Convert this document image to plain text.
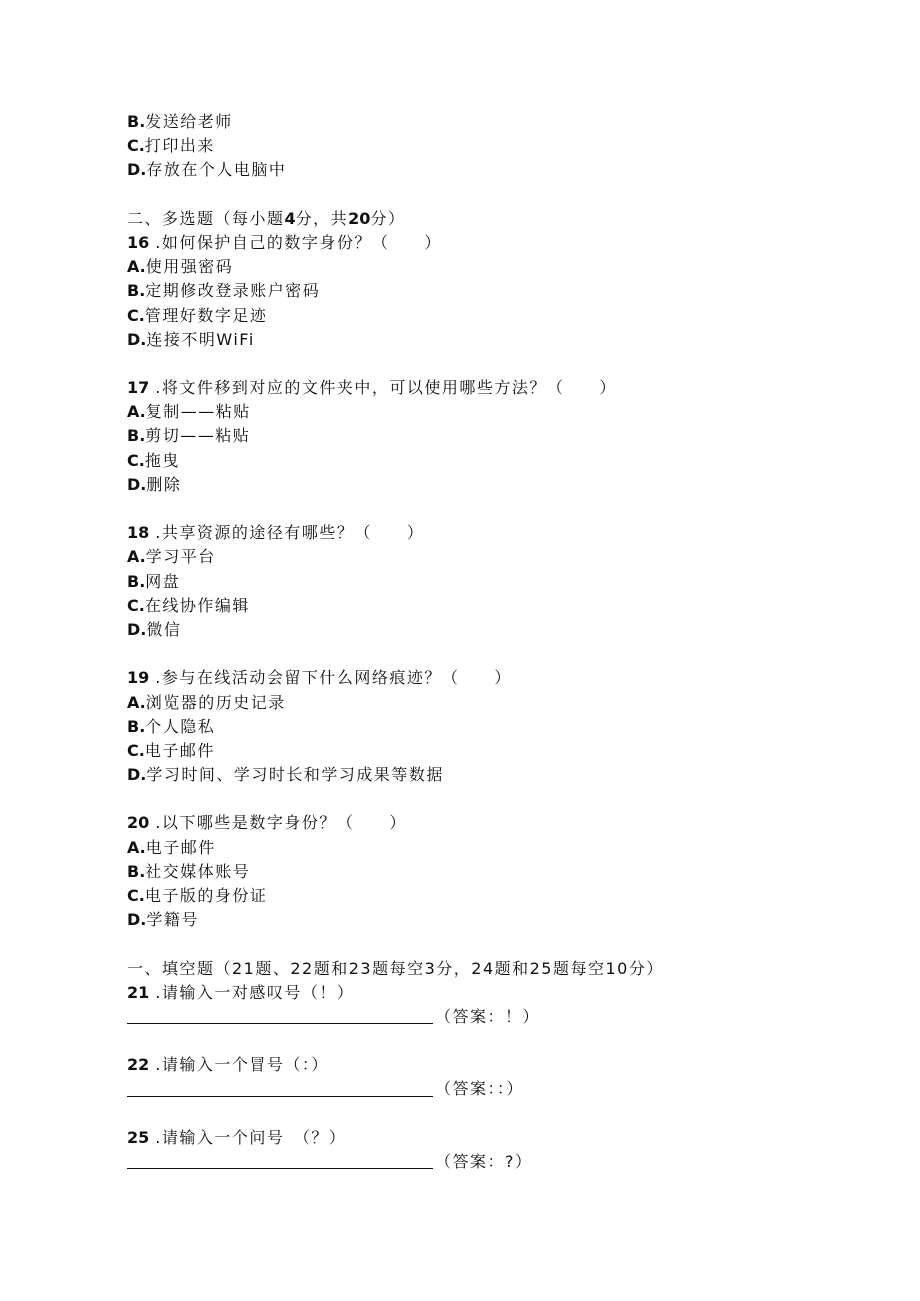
B.发送给老师
C.打印出来
D.存放在个人电脑中
二、多选题（每小题4分，共20分）
16 .如何保护自己的数字身份？（　　）
A.使用强密码
B.定期修改登录账户密码
C.管理好数字足迹
D.连接不明WiFi
17 .将文件移到对应的文件夹中，可以使用哪些方法？（　　）
A.复制——粘贴
B.剪切——粘贴
C.拖曳
D.删除
18 .共享资源的途径有哪些？（　　）
A.学习平台
B.网盘
C.在线协作编辑
D.微信
19 .参与在线活动会留下什么网络痕迹？（　　）
A.浏览器的历史记录
B.个人隐私
C.电子邮件
D.学习时间、学习时长和学习成果等数据
20 .以下哪些是数字身份？（　　）
A.电子邮件
B.社交媒体账号
C.电子版的身份证
D.学籍号
一、填空题（21题、22题和23题每空3分，24题和25题每空10分）
21 .请输入一对感叹号（！）
（答案：！）
22 .请输入一个冒号（：）
（答案：：）
25 .请输入一个问号　（？）
（答案：?）
